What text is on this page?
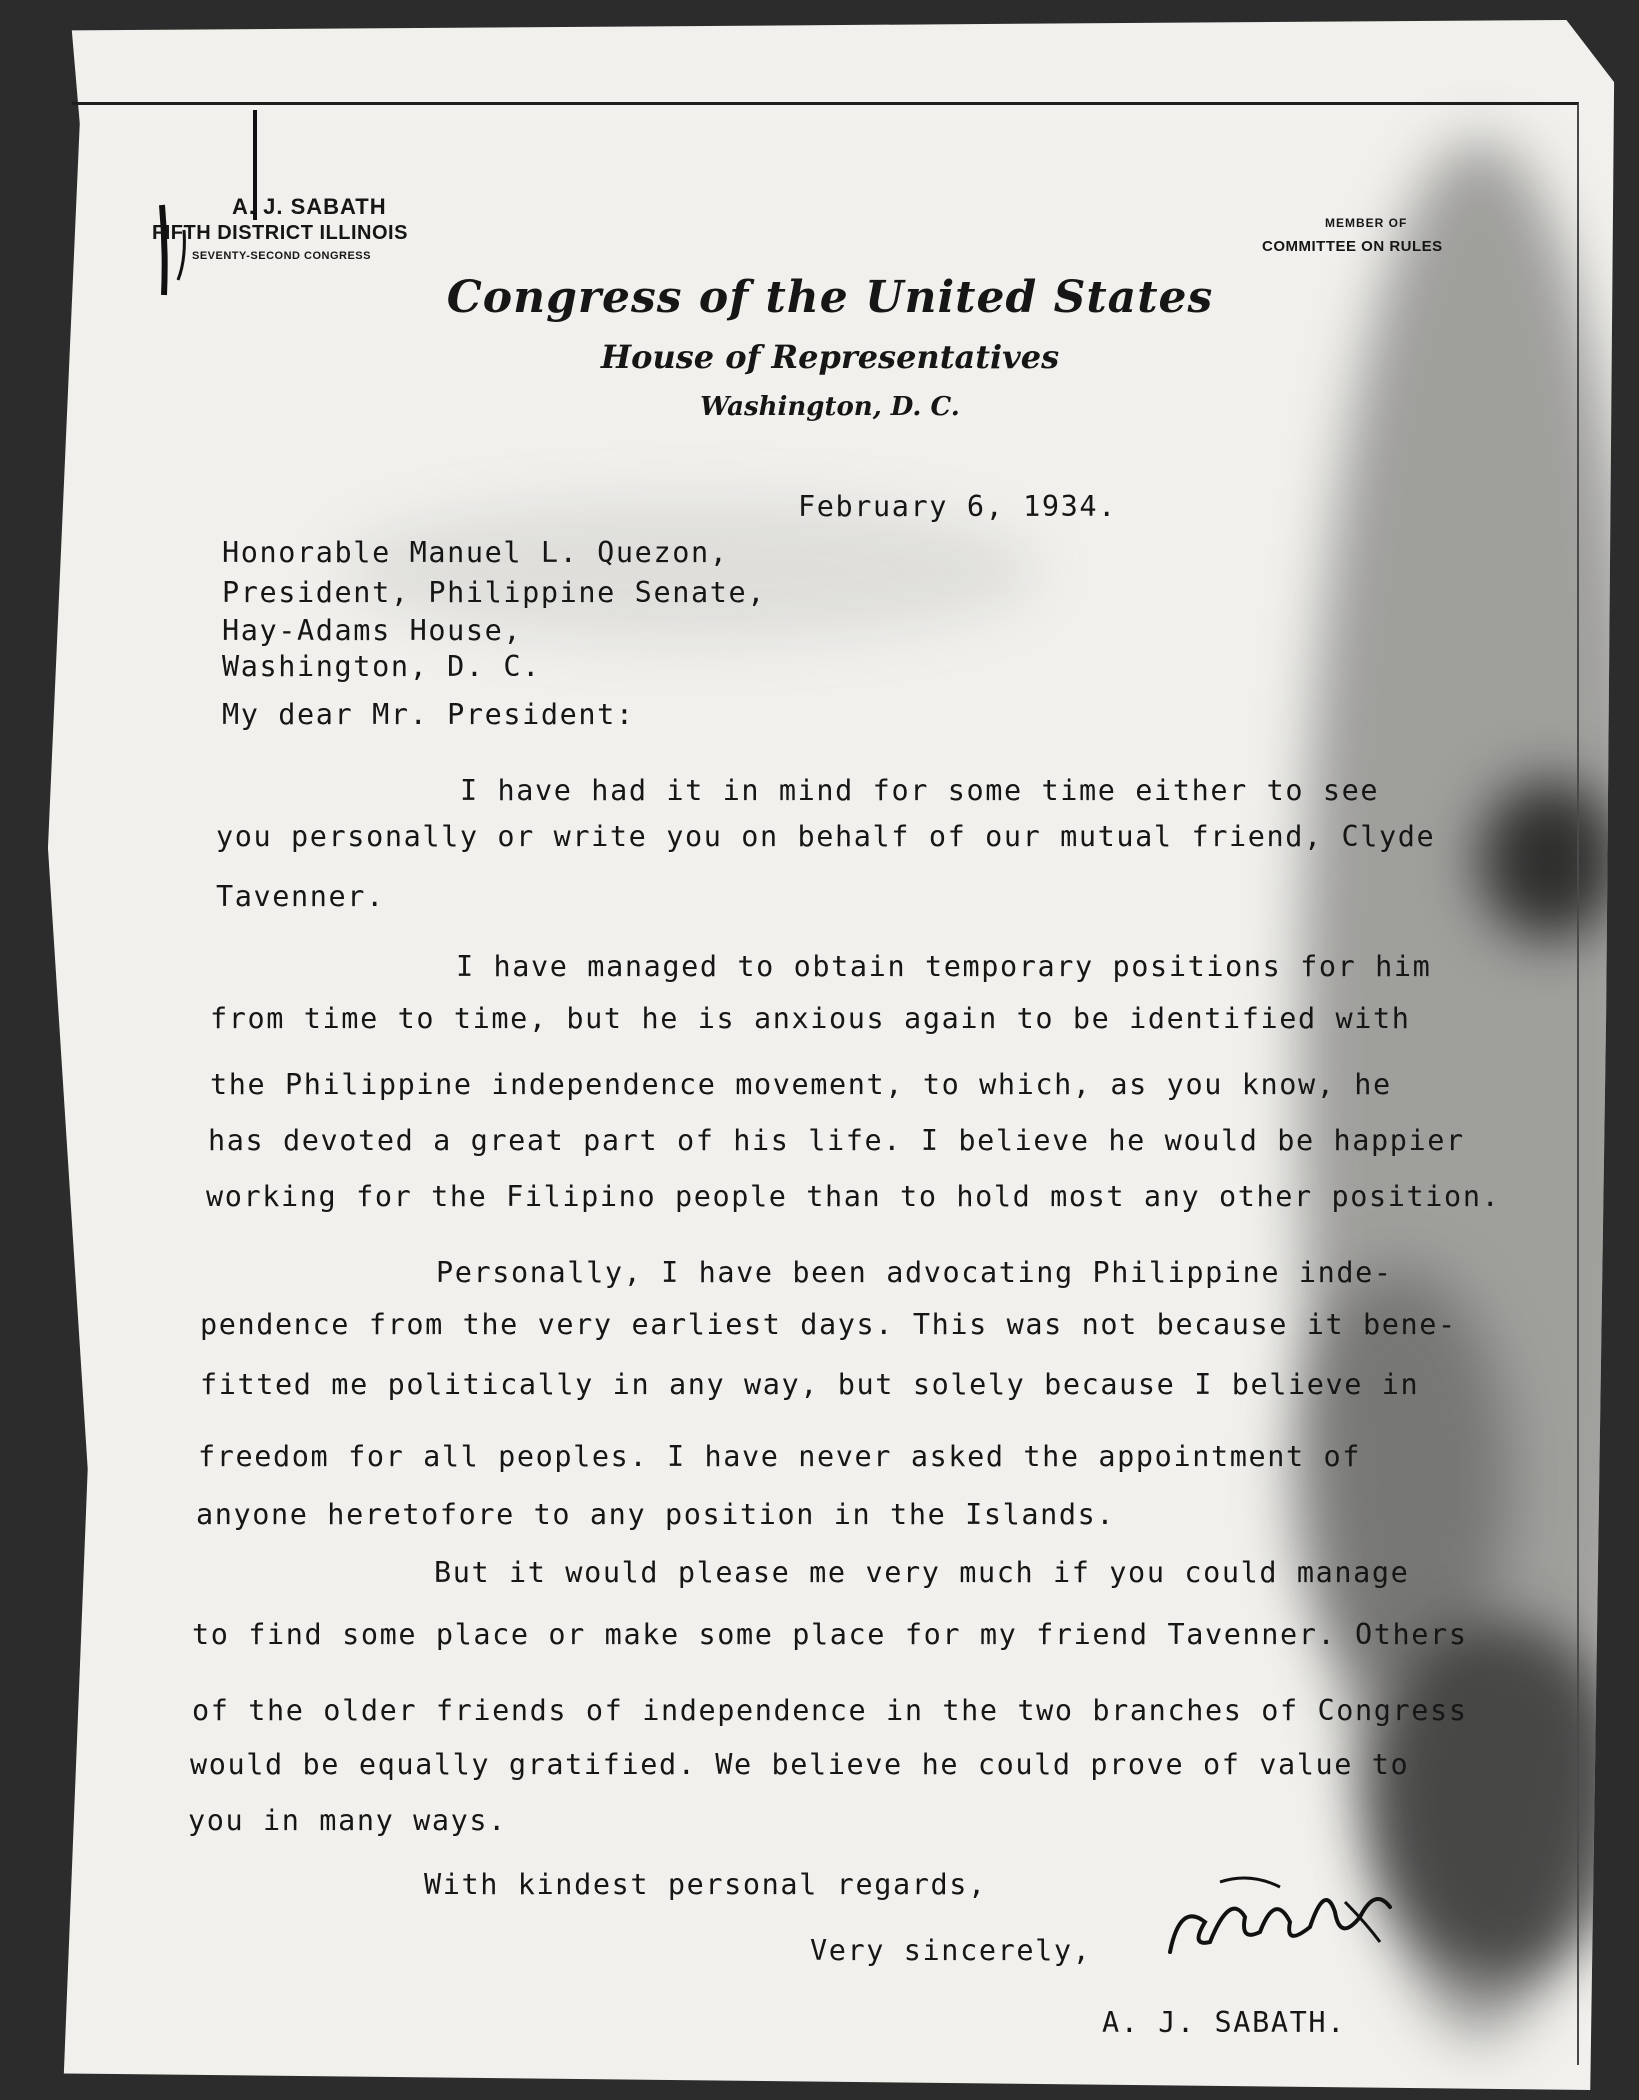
A. J. SABATH
FIFTH DISTRICT ILLINOIS
SEVENTY-SECOND CONGRESS
MEMBER OF
COMMITTEE ON RULES
Congress of the United States
House of Representatives
Washington, D. C.
February 6, 1934.
Honorable Manuel L. Quezon,
President, Philippine Senate,
Hay-Adams House,
Washington, D. C.
My dear Mr. President:
I have had it in mind for some time either to see
you personally or write you on behalf of our mutual friend, Clyde
Tavenner.
I have managed to obtain temporary positions for him
from time to time, but he is anxious again to be identified with
the Philippine independence movement, to which, as you know, he
has devoted a great part of his life. I believe he would be happier
working for the Filipino people than to hold most any other position.
Personally, I have been advocating Philippine inde-
pendence from the very earliest days. This was not because it bene-
fitted me politically in any way, but solely because I believe in
freedom for all peoples. I have never asked the appointment of
anyone heretofore to any position in the Islands.
But it would please me very much if you could manage
to find some place or make some place for my friend Tavenner. Others
of the older friends of independence in the two branches of Congress
would be equally gratified. We believe he could prove of value to
you in many ways.
With kindest personal regards,
Very sincerely,
A. J. SABATH.
